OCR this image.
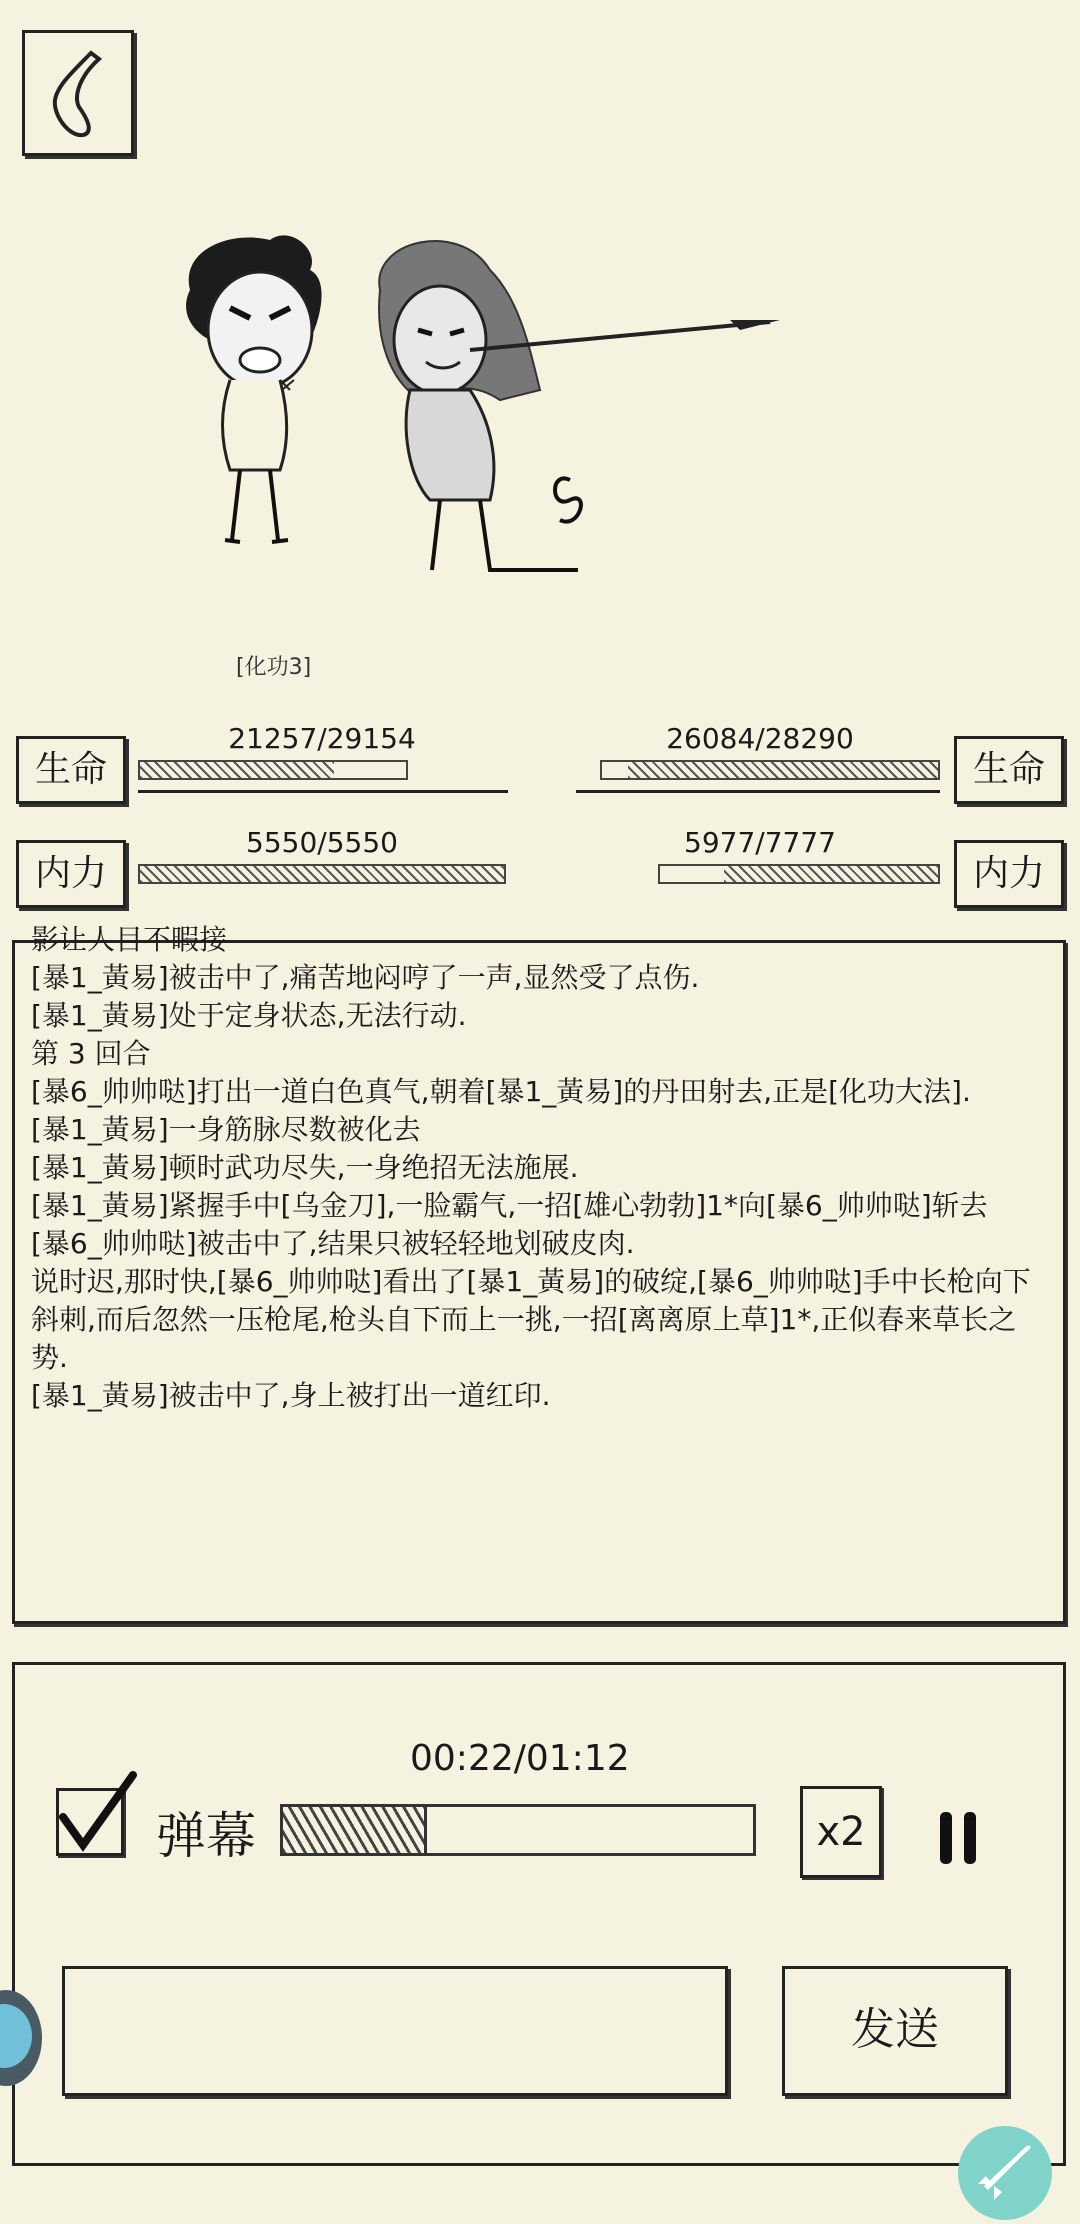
[化功3]
生命
21257/29154
内力
5550/5550
生命
26084/28290
内力
5977/7777
影让人目不暇接
[暴1_黃易]被击中了,痛苦地闷哼了一声,显然受了点伤.
[暴1_黃易]处于定身状态,无法行动.
第 3 回合
[暴6_帅帅哒]打出一道白色真气,朝着[暴1_黃易]的丹田射去,正是[化功大法].
[暴1_黃易]一身筋脉尽数被化去
[暴1_黃易]顿时武功尽失,一身绝招无法施展.
[暴1_黃易]紧握手中[乌金刀],一脸霸气,一招[雄心勃勃]1*向[暴6_帅帅哒]斩去
[暴6_帅帅哒]被击中了,结果只被轻轻地划破皮肉.
说时迟,那时快,[暴6_帅帅哒]看出了[暴1_黃易]的破绽,[暴6_帅帅哒]手中长枪向下斜刺,而后忽然一压枪尾,枪头自下而上一挑,一招[离离原上草]1*,正似春来草长之势.
[暴1_黃易]被击中了,身上被打出一道红印.
00:22/01:12
弹幕	x2
发送
